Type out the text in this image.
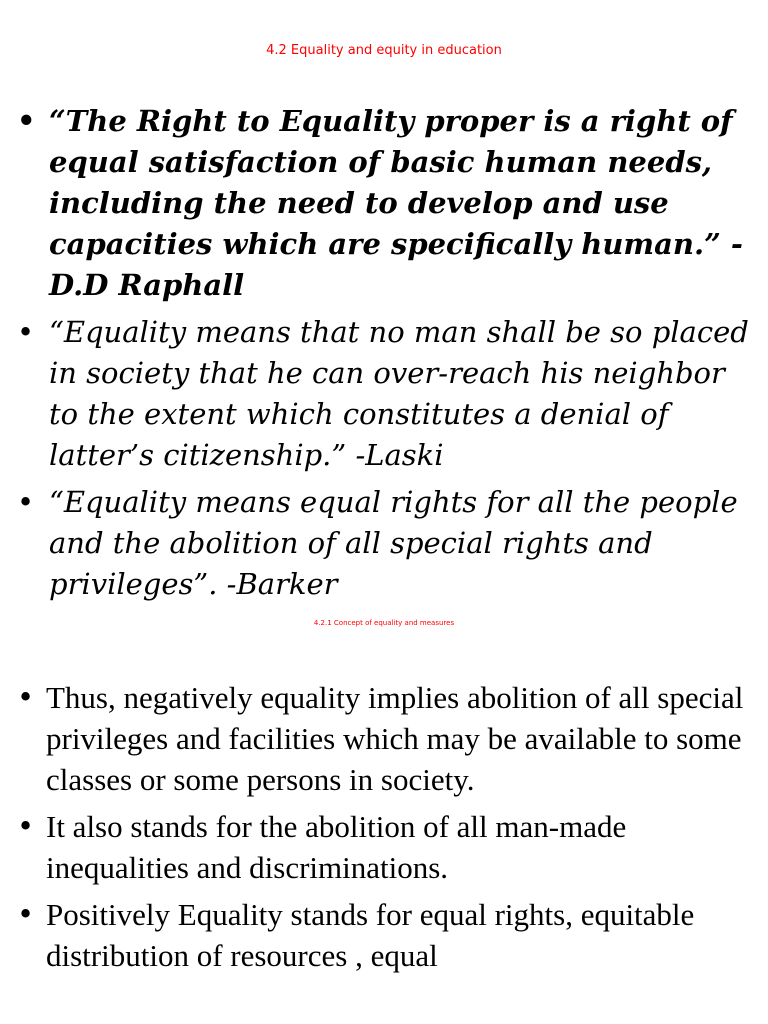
4.2 Equality and equity in education
• “The Right to Equality proper is a right of equal satisfaction of basic human needs, including the need to develop and use capacities which are specifically human.” -D.D Raphall
• “Equality means that no man shall be so placed in society that he can over-reach his neighbor to the extent which constitutes a denial of latter’s citizenship.” -Laski
• “Equality means equal rights for all the people and the abolition of all special rights and privileges”. -Barker
4.2.1 Concept of equality and measures
• Thus, negatively equality implies abolition of all special privileges and facilities which may be available to some classes or some persons in society.
• It also stands for the abolition of all man-made inequalities and discriminations.
• Positively Equality stands for equal rights, equitable distribution of resources , equal
